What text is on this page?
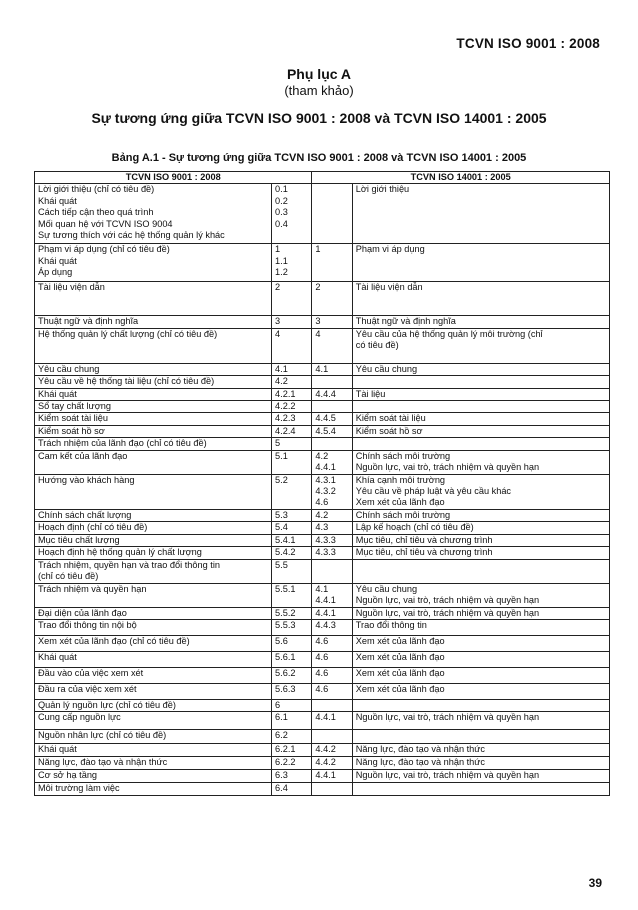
TCVN ISO 9001 : 2008
Phụ lục A
(tham khảo)
Sự tương ứng giữa TCVN ISO 9001 : 2008 và TCVN ISO 14001 : 2005
Bảng A.1 - Sự tương ứng giữa TCVN ISO 9001 : 2008 và TCVN ISO 14001 : 2005
TCVN ISO 9001 : 2008		TCVN ISO 14001 : 2005	

Lời giới thiệu (chỉ có tiêu đề)
Khái quát
Cách tiếp cận theo quá trình
Mối quan hệ với TCVN ISO 9004
Sự tương thích với các hệ thống quản lý khác	0.1
0.2
0.3
0.4		Lời giới thiệu

Phạm vi áp dụng (chỉ có tiêu đề)
Khái quát
Áp dụng	1
1.1
1.2	1	Phạm vi áp dụng

Tài liệu viện dẫn	2	2	Tài liệu viện dẫn

Thuật ngữ và định nghĩa	3	3	Thuật ngữ và định nghĩa

Hệ thống quản lý chất lượng (chỉ có tiêu đề)	4	4	Yêu cầu của hệ thống quản lý môi trường (chỉ
có tiêu đề)

Yêu cầu chung	4.1	4.1	Yêu cầu chung

Yêu cầu về hệ thống tài liệu (chỉ có tiêu đề)	4.2		

Khái quát	4.2.1	4.4.4	Tài liệu

Sổ tay chất lượng	4.2.2		

Kiểm soát tài liệu	4.2.3	4.4.5	Kiểm soát tài liệu

Kiểm soát hồ sơ	4.2.4	4.5.4	Kiểm soát hồ sơ

Trách nhiệm của lãnh đạo (chỉ có tiêu đề)	5		

Cam kết của lãnh đạo	5.1	4.2
4.4.1	Chính sách môi trường
Nguồn lực, vai trò, trách nhiệm và quyền hạn

Hướng vào khách hàng	5.2	4.3.1
4.3.2
4.6	Khía cạnh môi trường
Yêu cầu về pháp luật và yêu cầu khác
Xem xét của lãnh đạo

Chính sách chất lượng	5.3	4.2	Chính sách môi trường

Hoạch định (chỉ có tiêu đề)	5.4	4.3	Lập kế hoạch (chỉ có tiêu đề)

Mục tiêu chất lượng	5.4.1	4.3.3	Mục tiêu, chỉ tiêu và chương trình

Hoạch định hệ thống quản lý chất lượng	5.4.2	4.3.3	Mục tiêu, chỉ tiêu và chương trình

Trách nhiệm, quyền hạn và trao đổi thông tin
(chỉ có tiêu đề)	5.5		

Trách nhiệm và quyền hạn	5.5.1	4.1
4.4.1	Yêu cầu chung
Nguồn lực, vai trò, trách nhiệm và quyền hạn

Đại diện của lãnh đạo	5.5.2	4.4.1	Nguồn lực, vai trò, trách nhiệm và quyền hạn

Trao đổi thông tin nội bộ	5.5.3	4.4.3	Trao đổi thông tin

Xem xét của lãnh đạo (chỉ có tiêu đề)	5.6	4.6	Xem xét của lãnh đạo

Khái quát	5.6.1	4.6	Xem xét của lãnh đạo

Đầu vào của việc xem xét	5.6.2	4.6	Xem xét của lãnh đạo

Đầu ra của việc xem xét	5.6.3	4.6	Xem xét của lãnh đạo

Quản lý nguồn lực (chỉ có tiêu đề)	6		

Cung cấp nguồn lực	6.1	4.4.1	Nguồn lực, vai trò, trách nhiệm và quyền hạn

Nguồn nhân lực (chỉ có tiêu đề)	6.2		

Khái quát	6.2.1	4.4.2	Năng lực, đào tạo và nhận thức

Năng lực, đào tạo và nhận thức	6.2.2	4.4.2	Năng lực, đào tạo và nhận thức

Cơ sở hạ tầng	6.3	4.4.1	Nguồn lực, vai trò, trách nhiệm và quyền hạn

Môi trường làm việc	6.4		

39
